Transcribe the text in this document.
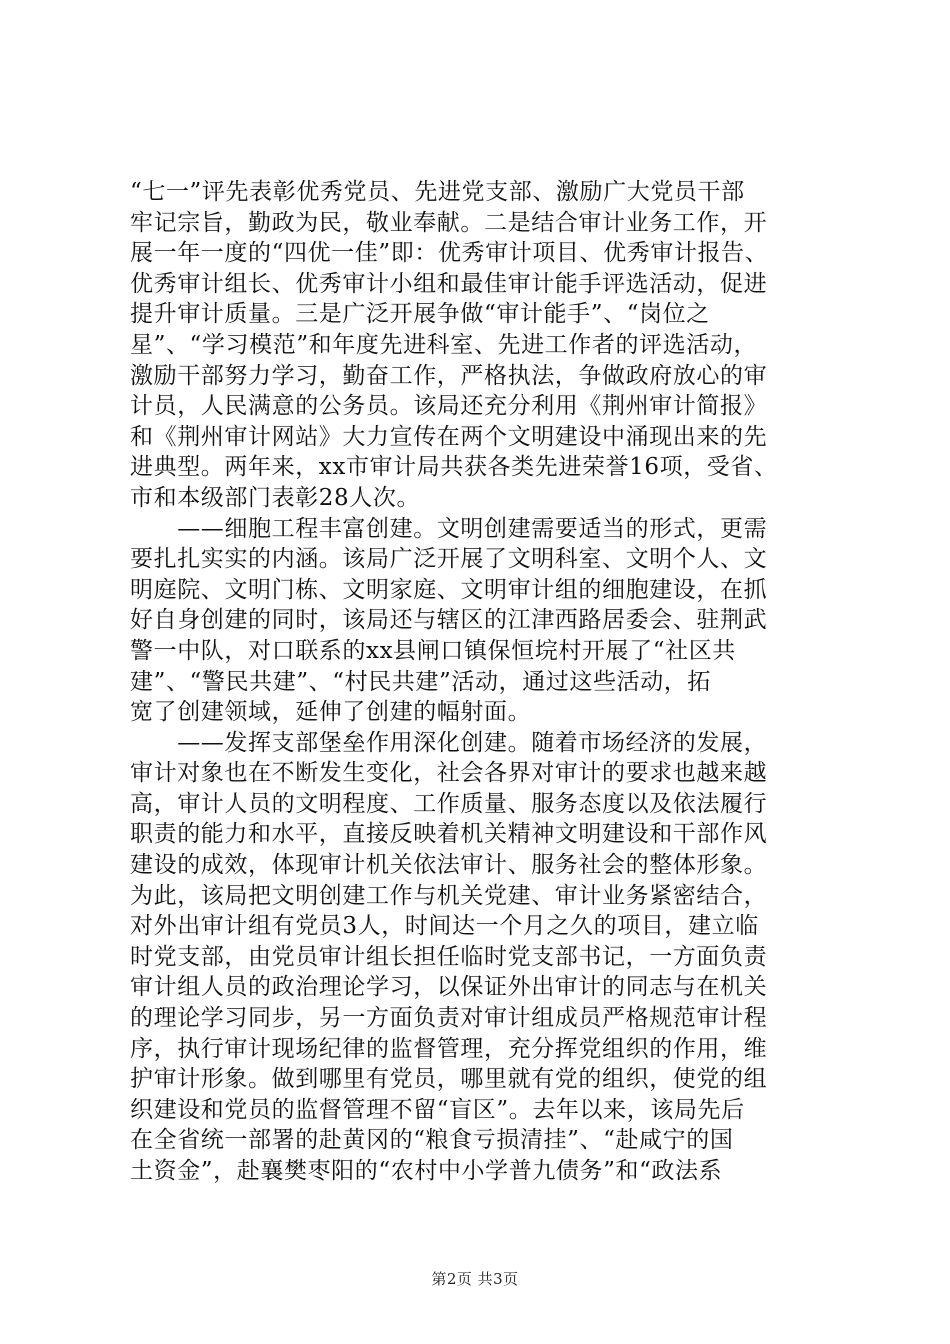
“七一”评先表彰优秀党员、先进党支部、激励广大党员干部
牢记宗旨，勤政为民，敬业奉献。二是结合审计业务工作，开
展一年一度的“四优一佳”即：优秀审计项目、优秀审计报告、
优秀审计组长、优秀审计小组和最佳审计能手评选活动，促进
提升审计质量。三是广泛开展争做“审计能手”、“岗位之
星”、“学习模范”和年度先进科室、先进工作者的评选活动，
激励干部努力学习，勤奋工作，严格执法，争做政府放心的审
计员，人民满意的公务员。该局还充分利用《荆州审计简报》
和《荆州审计网站》大力宣传在两个文明建设中涌现出来的先
进典型。两年来，xx市审计局共获各类先进荣誉16项，受省、
市和本级部门表彰28人次。
　　——细胞工程丰富创建。文明创建需要适当的形式，更需
要扎扎实实的内涵。该局广泛开展了文明科室、文明个人、文
明庭院、文明门栋、文明家庭、文明审计组的细胞建设，在抓
好自身创建的同时，该局还与辖区的江津西路居委会、驻荆武
警一中队，对口联系的xx县闸口镇保恒垸村开展了“社区共
建”、“警民共建”、“村民共建”活动，通过这些活动，拓
宽了创建领域，延伸了创建的幅射面。
　　——发挥支部堡垒作用深化创建。随着市场经济的发展，
审计对象也在不断发生变化，社会各界对审计的要求也越来越
高，审计人员的文明程度、工作质量、服务态度以及依法履行
职责的能力和水平，直接反映着机关精神文明建设和干部作风
建设的成效，体现审计机关依法审计、服务社会的整体形象。
为此，该局把文明创建工作与机关党建、审计业务紧密结合，
对外出审计组有党员3人，时间达一个月之久的项目，建立临
时党支部，由党员审计组长担任临时党支部书记，一方面负责
审计组人员的政治理论学习，以保证外出审计的同志与在机关
的理论学习同步，另一方面负责对审计组成员严格规范审计程
序，执行审计现场纪律的监督管理，充分挥党组织的作用，维
护审计形象。做到哪里有党员，哪里就有党的组织，使党的组
织建设和党员的监督管理不留“盲区”。去年以来，该局先后
在全省统一部署的赴黄冈的“粮食亏损清挂”、“赴咸宁的国
土资金”，赴襄樊枣阳的“农村中小学普九债务”和“政法系
第2页 共3页
